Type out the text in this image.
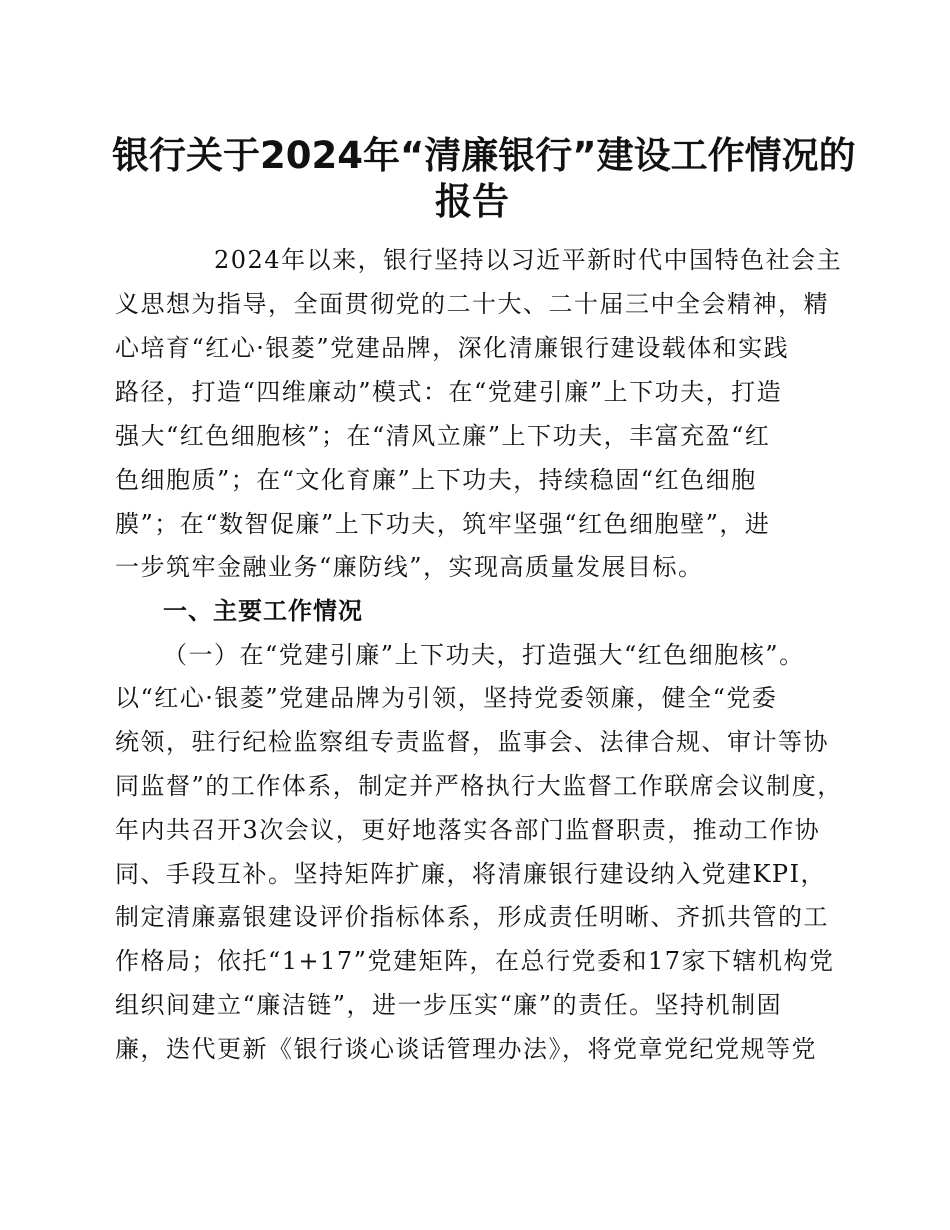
银行关于2024年“清廉银行”建设工作情况的
报告
2024年以来，银行坚持以习近平新时代中国特色社会主
义思想为指导，全面贯彻党的二十大、二十届三中全会精神，精
心培育“红心·银菱”党建品牌，深化清廉银行建设载体和实践
路径，打造“四维廉动”模式：在“党建引廉”上下功夫，打造
强大“红色细胞核”；在“清风立廉”上下功夫，丰富充盈“红
色细胞质”；在“文化育廉”上下功夫，持续稳固“红色细胞
膜”；在“数智促廉”上下功夫，筑牢坚强“红色细胞壁”，进
一步筑牢金融业务“廉防线”，实现高质量发展目标。
一、主要工作情况
（一）在“党建引廉”上下功夫，打造强大“红色细胞核”。
以“红心·银菱”党建品牌为引领，坚持党委领廉，健全“党委
统领，驻行纪检监察组专责监督，监事会、法律合规、审计等协
同监督”的工作体系，制定并严格执行大监督工作联席会议制度，
年内共召开3次会议，更好地落实各部门监督职责，推动工作协
同、手段互补。坚持矩阵扩廉，将清廉银行建设纳入党建KPI，
制定清廉嘉银建设评价指标体系，形成责任明晰、齐抓共管的工
作格局；依托“1+17”党建矩阵，在总行党委和17家下辖机构党
组织间建立“廉洁链”，进一步压实“廉”的责任。坚持机制固
廉，迭代更新《银行谈心谈话管理办法》，将党章党纪党规等党
